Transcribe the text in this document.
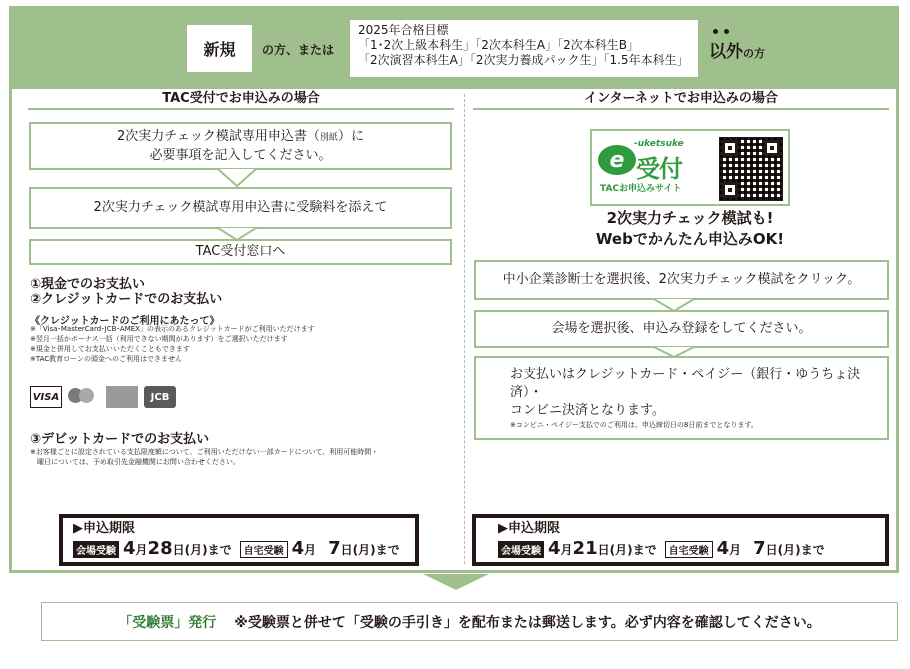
新規	の方、または
2025年合格目標
「1･2次上級本科生」「2次本科生A」「2次本科生B」
「2次演習本科生A」「2次実力養成パック生」「1.5年本科生」 以外の方
TAC受付でお申込みの場合	インターネットでお申込みの場合
2次実力チェック模試専用申込書（別紙）に
必要事項を記入してください。
2次実力チェック模試専用申込書に受験料を添えて
TAC受付窓口へ
①現金でのお支払い
②クレジットカードでのお支払い
《クレジットカードのご利用にあたって》
※「Visa･MasterCard･JCB･AMEX」の表示のあるクレジットカードがご利用いただけます
※翌月一括かボーナス一括（利用できない期間があります）をご選択いただけます
※現金と併用してお支払いいただくこともできます
※TAC教育ローンの頭金へのご利用はできません
VISA	JCB
③デビットカードでのお支払い
※お客様ごとに設定されている支払限度額について、ご利用いただけない一部カードについて、利用可能時間・
　曜日については、予め取引先金融機関にお問い合わせください。
▶申込期限
会場受験 4 月 28 日(月)まで	自宅受験 4 月 7 日(月)まで
e
-uketsuke
受付
TACお申込みサイト
2次実力チェック模試も!
Webでかんたん申込みOK!
中小企業診断士を選択後、2次実力チェック模試をクリック。
会場を選択後、申込み登録をしてください。
お支払いはクレジットカード・ペイジー（銀行・ゆうちょ決済）・
コンビニ決済となります。
※コンビニ・ペイジー支払でのご利用は、申込締切日の8日前までとなります。
▶申込期限
会場受験 4 月 21 日(月)まで	自宅受験 4 月 7 日(月)まで
「受験票」発行 ※受験票と併せて「受験の手引き」を配布または郵送します。必ず内容を確認してください。
